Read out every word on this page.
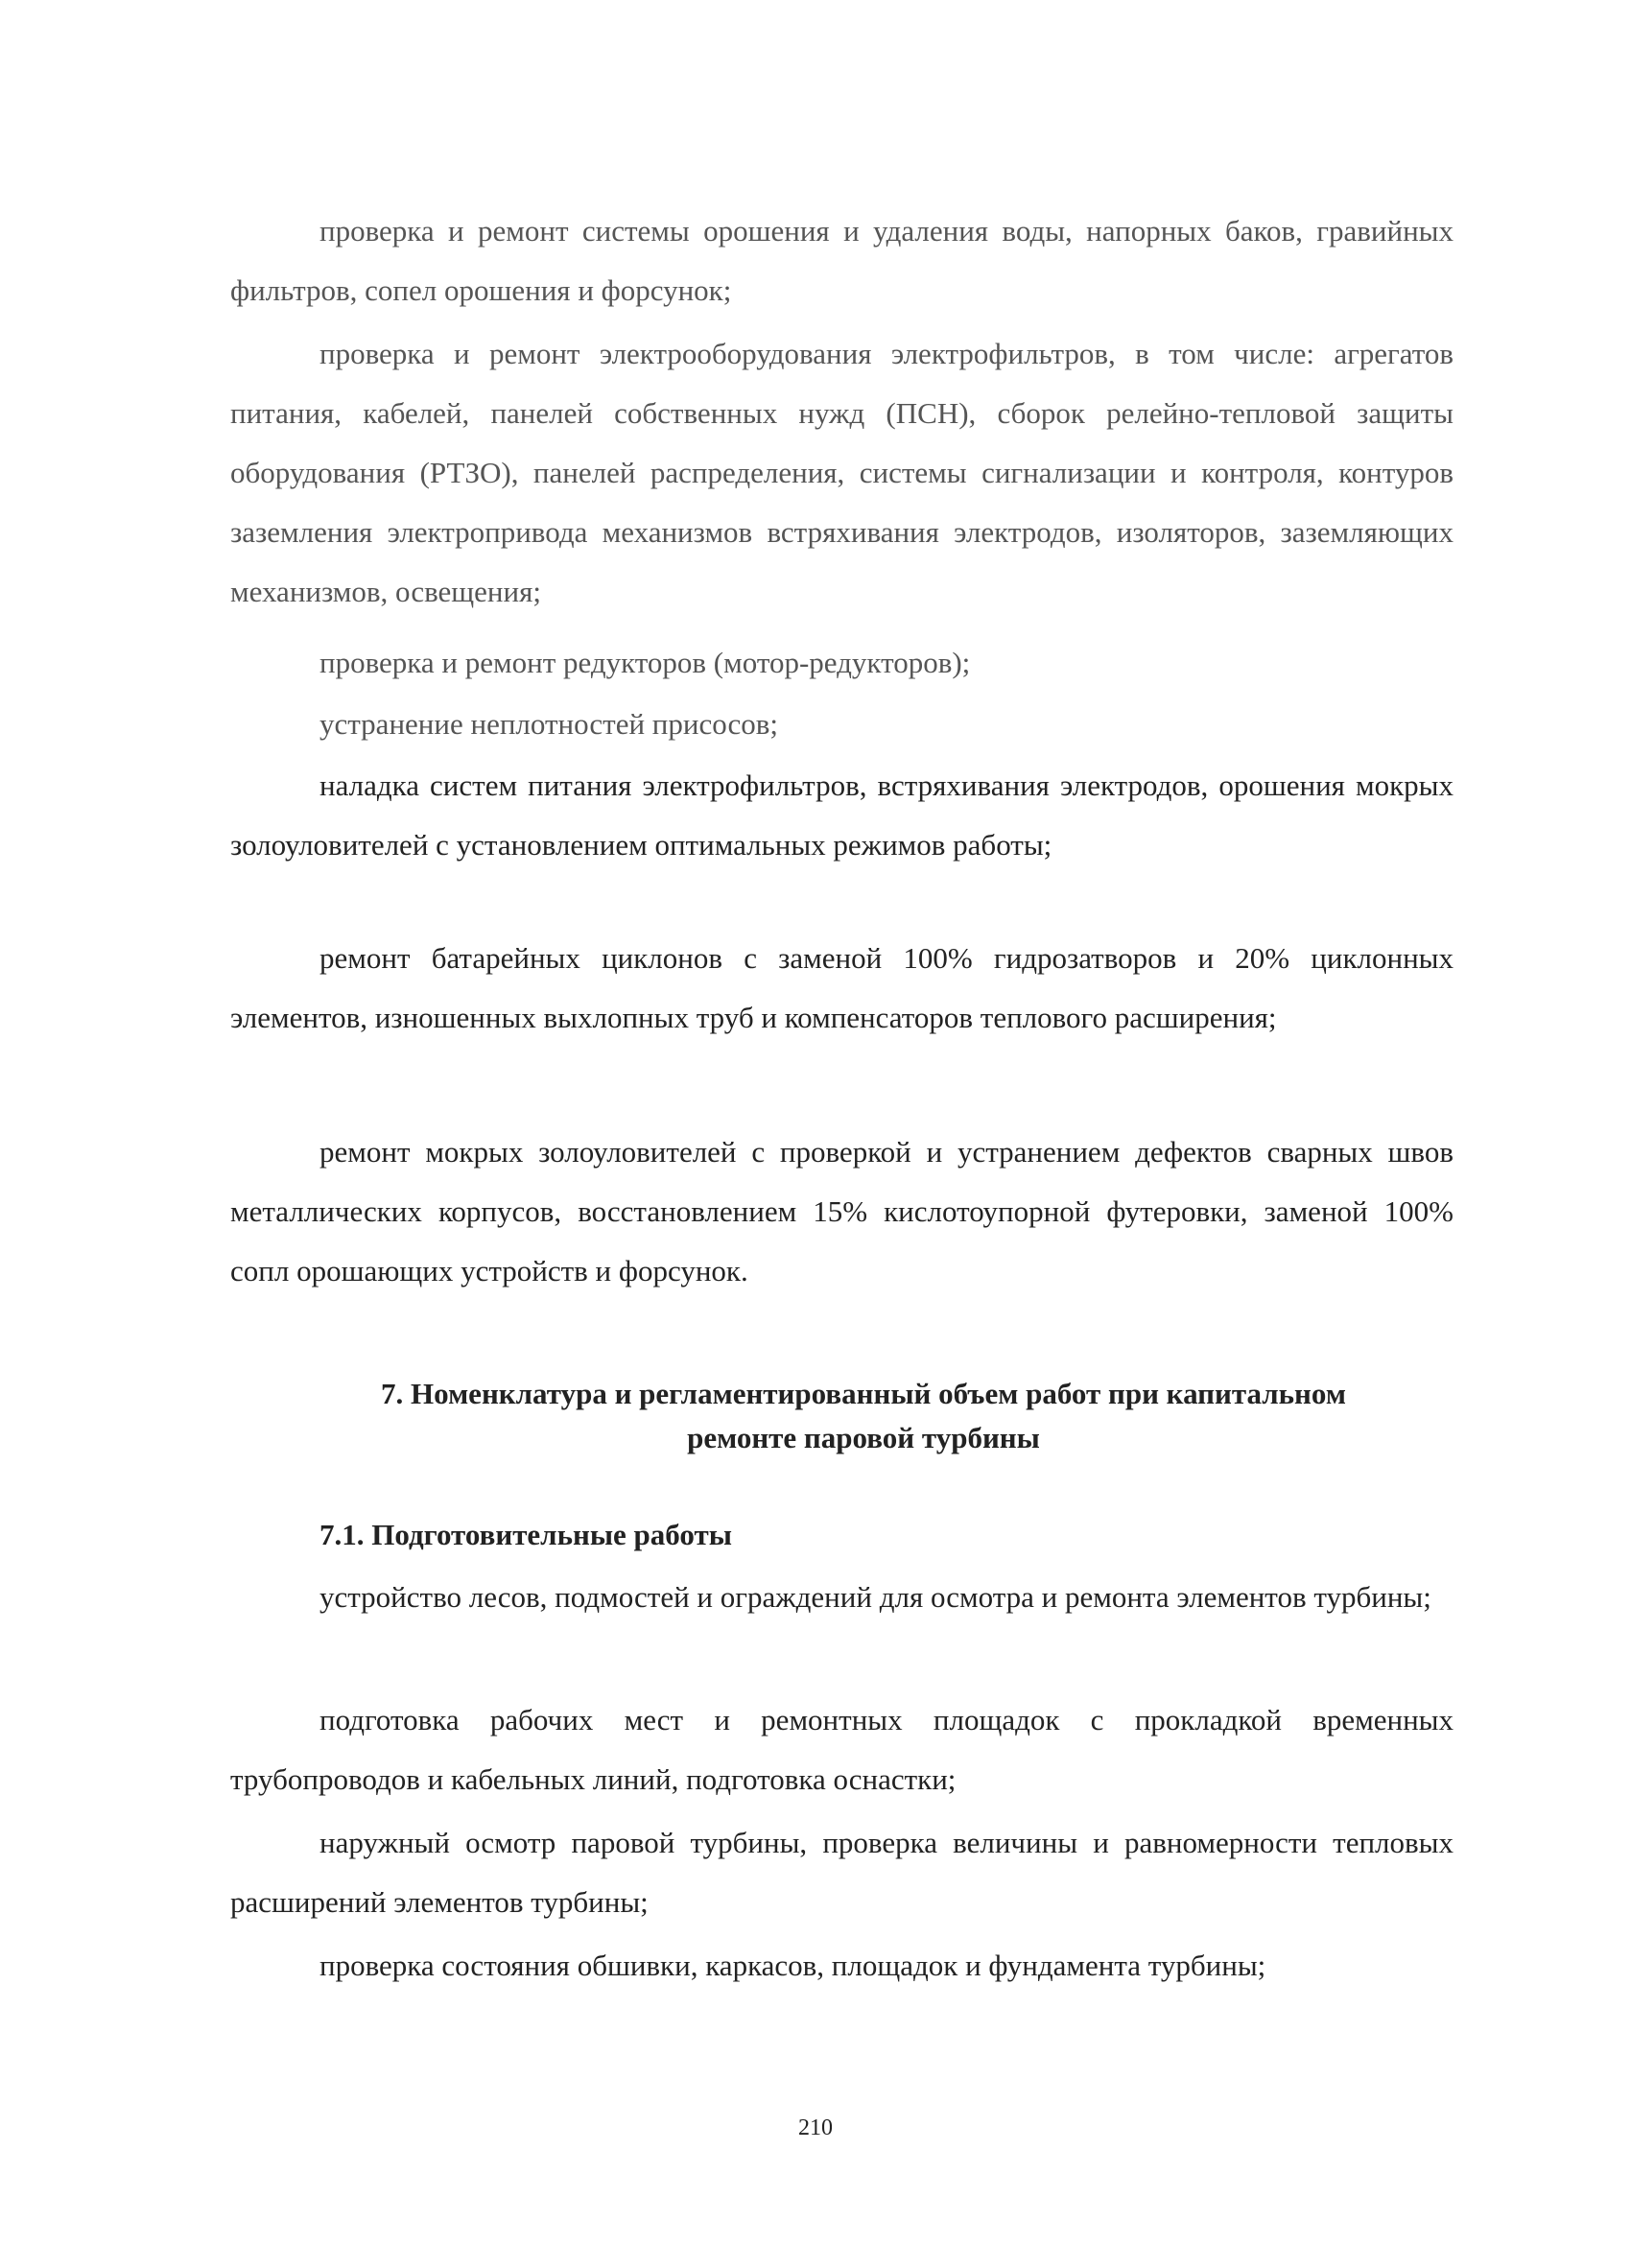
проверка и ремонт системы орошения и удаления воды, напорных баков, гравийных фильтров, сопел орошения и форсунок;

проверка и ремонт электрооборудования электрофильтров, в том числе: агрегатов питания, кабелей, панелей собственных нужд (ПСН), сборок релейно-тепловой защиты оборудования (РТЗО), панелей распределения, системы сигнализации и контроля, контуров заземления электропривода механизмов встряхивания электродов, изоляторов, заземляющих механизмов, освещения;

проверка и ремонт редукторов (мотор-редукторов);

устранение неплотностей присосов;

наладка систем питания электрофильтров, встряхивания электродов, орошения мокрых золоуловителей с установлением оптимальных режимов работы;

ремонт батарейных циклонов с заменой 100% гидрозатворов и 20% циклонных элементов, изношенных выхлопных труб и компенсаторов теплового расширения;

ремонт мокрых золоуловителей с проверкой и устранением дефектов сварных швов металлических корпусов, восстановлением 15% кислотоупорной футеровки, заменой 100% сопл орошающих устройств и форсунок.

7. Номенклатура и регламентированный объем работ при капитальном ремонте паровой турбины
7.1. Подготовительные работы

устройство лесов, подмостей и ограждений для осмотра и ремонта элементов турбины;

подготовка рабочих мест и ремонтных площадок с прокладкой временных трубопроводов и кабельных линий, подготовка оснастки;

наружный осмотр паровой турбины, проверка величины и равномерности тепловых расширений элементов турбины;

проверка состояния обшивки, каркасов, площадок и фундамента турбины;

210
